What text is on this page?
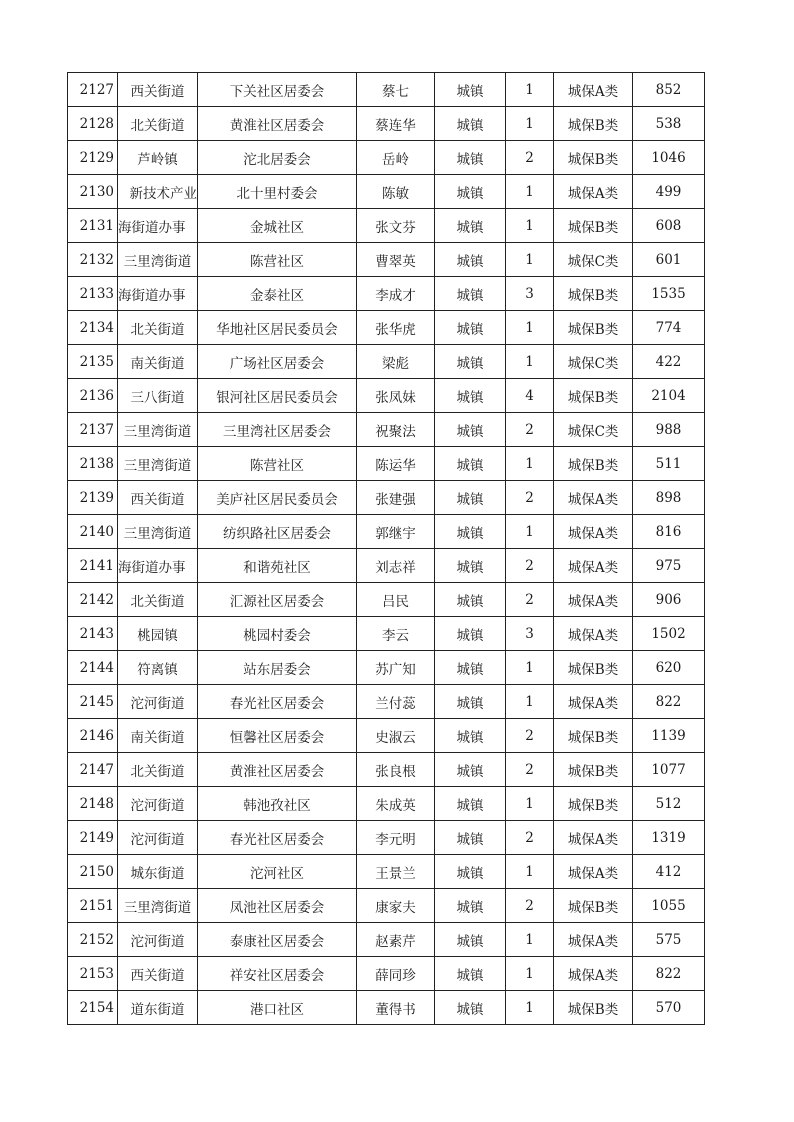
2127	西关街道	下关社区居委会	蔡七	城镇	1	城保A类	852
2128	北关街道	黄淮社区居委会	蔡连华	城镇	1	城保B类	538
2129	芦岭镇	沱北居委会	岳岭	城镇	2	城保B类	1046
2130	新技术产业	北十里村委会	陈敏	城镇	1	城保A类	499
2131	海街道办事	金城社区	张文芬	城镇	1	城保B类	608
2132	三里湾街道	陈营社区	曹翠英	城镇	1	城保C类	601
2133	海街道办事	金泰社区	李成才	城镇	3	城保B类	1535
2134	北关街道	华地社区居民委员会	张华虎	城镇	1	城保B类	774
2135	南关街道	广场社区居委会	梁彪	城镇	1	城保C类	422
2136	三八街道	银河社区居民委员会	张凤妹	城镇	4	城保B类	2104
2137	三里湾街道	三里湾社区居委会	祝聚法	城镇	2	城保C类	988
2138	三里湾街道	陈营社区	陈运华	城镇	1	城保B类	511
2139	西关街道	美庐社区居民委员会	张建强	城镇	2	城保A类	898
2140	三里湾街道	纺织路社区居委会	郭继宇	城镇	1	城保A类	816
2141	海街道办事	和谐苑社区	刘志祥	城镇	2	城保A类	975
2142	北关街道	汇源社区居委会	吕民	城镇	2	城保A类	906
2143	桃园镇	桃园村委会	李云	城镇	3	城保A类	1502
2144	符离镇	站东居委会	苏广知	城镇	1	城保B类	620
2145	沱河街道	春光社区居委会	兰付蕊	城镇	1	城保A类	822
2146	南关街道	恒馨社区居委会	史淑云	城镇	2	城保B类	1139
2147	北关街道	黄淮社区居委会	张良根	城镇	2	城保B类	1077
2148	沱河街道	韩池孜社区	朱成英	城镇	1	城保B类	512
2149	沱河街道	春光社区居委会	李元明	城镇	2	城保A类	1319
2150	城东街道	沱河社区	王景兰	城镇	1	城保A类	412
2151	三里湾街道	凤池社区居委会	康家夫	城镇	2	城保B类	1055
2152	沱河街道	泰康社区居委会	赵素芹	城镇	1	城保A类	575
2153	西关街道	祥安社区居委会	薛同珍	城镇	1	城保A类	822
2154	道东街道	港口社区	董得书	城镇	1	城保B类	570
